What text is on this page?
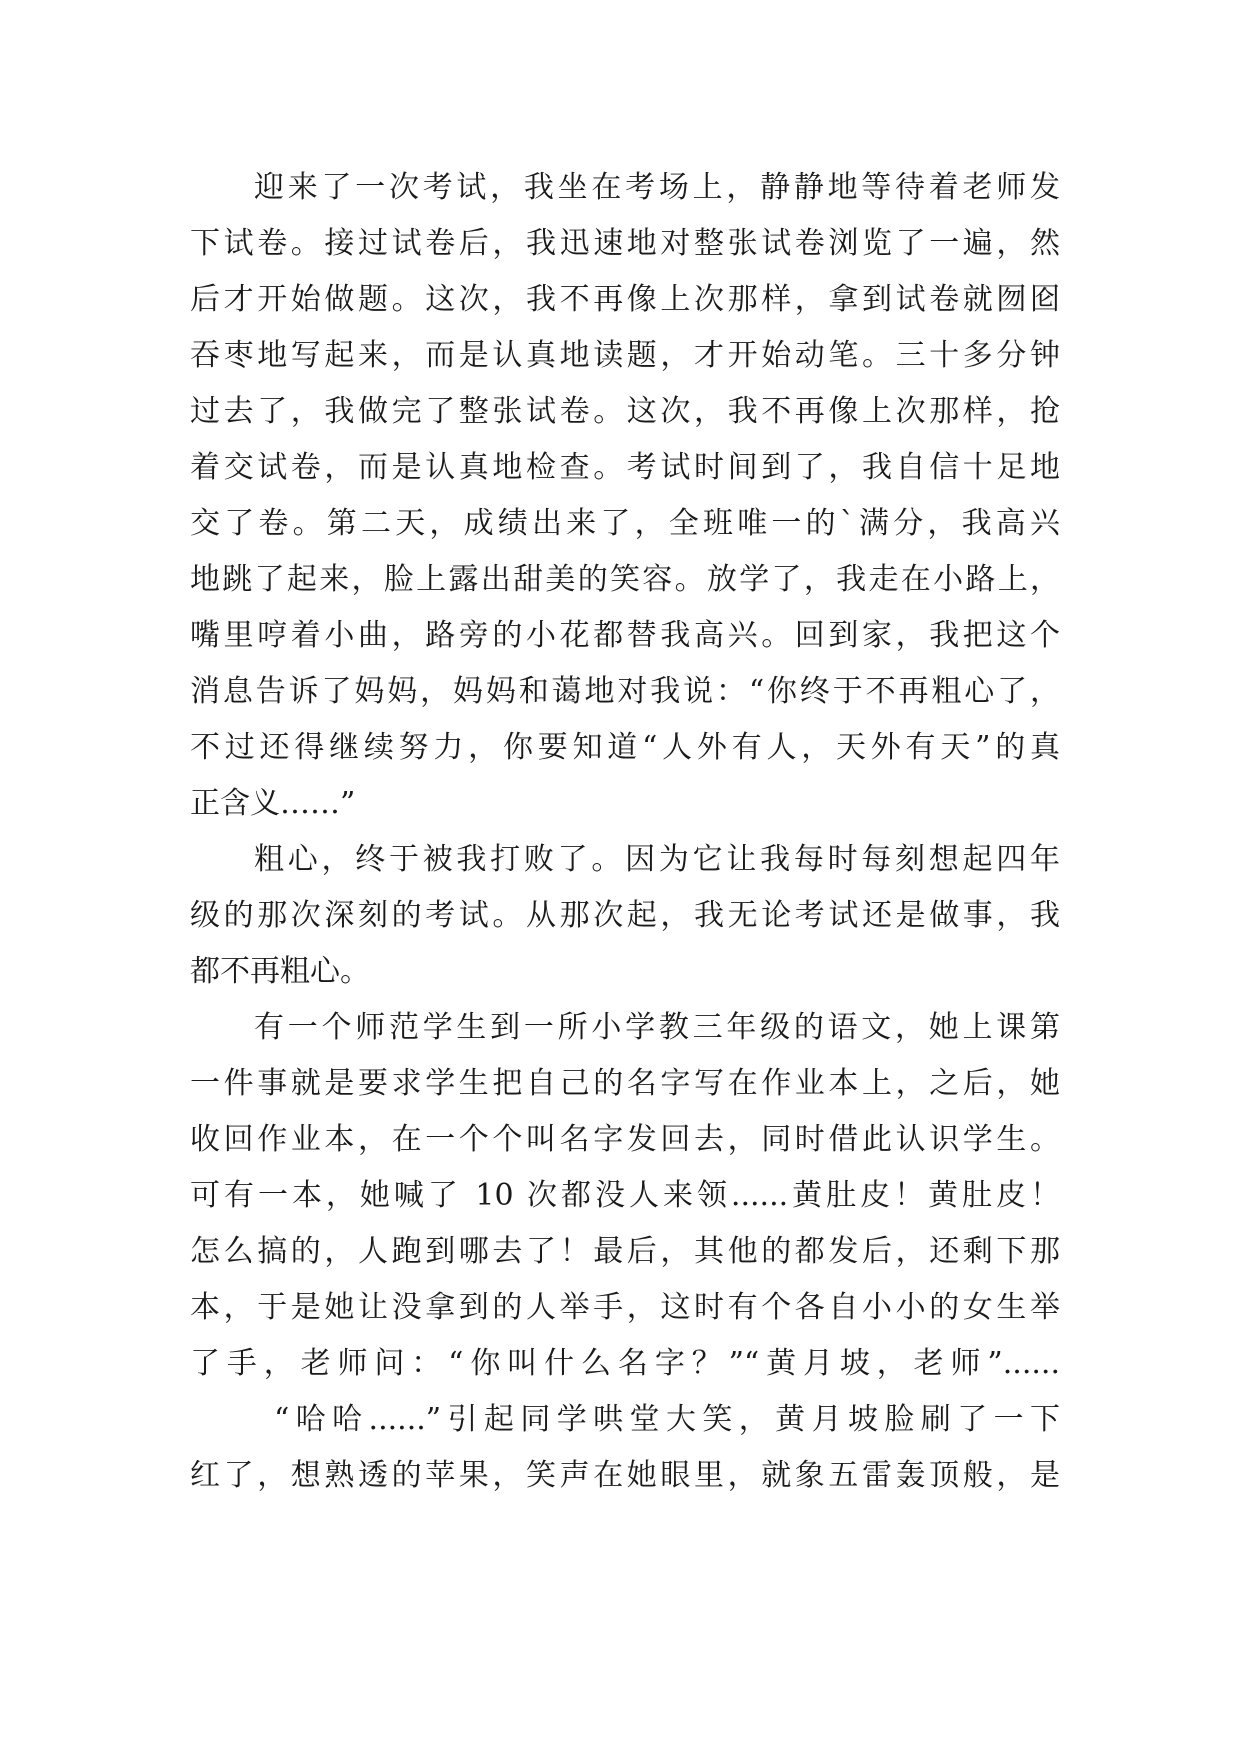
迎来了一次考试，我坐在考场上，静静地等待着老师发
下试卷。接过试卷后，我迅速地对整张试卷浏览了一遍，然
后才开始做题。这次，我不再像上次那样，拿到试卷就囫囵
吞枣地写起来，而是认真地读题，才开始动笔。三十多分钟
过去了，我做完了整张试卷。这次，我不再像上次那样，抢
着交试卷，而是认真地检查。考试时间到了，我自信十足地
交了卷。第二天，成绩出来了，全班唯一的`满分，我高兴
地跳了起来，脸上露出甜美的笑容。放学了，我走在小路上，
嘴里哼着小曲，路旁的小花都替我高兴。回到家，我把这个
消息告诉了妈妈，妈妈和蔼地对我说：“你终于不再粗心了，
不过还得继续努力，你要知道“人外有人，天外有天”的真
正含义……”
粗心，终于被我打败了。因为它让我每时每刻想起四年
级的那次深刻的考试。从那次起，我无论考试还是做事，我
都不再粗心。
有一个师范学生到一所小学教三年级的语文，她上课第
一件事就是要求学生把自己的名字写在作业本上，之后，她
收回作业本，在一个个叫名字发回去，同时借此认识学生。
可有一本，她喊了 10 次都没人来领......黄肚皮！黄肚皮！
怎么搞的，人跑到哪去了！最后，其他的都发后，还剩下那
本，于是她让没拿到的人举手，这时有个各自小小的女生举
了手，老师问：“你叫什么名字？”“黄月坡，老师”......
“哈哈......”引起同学哄堂大笑，黄月坡脸刷了一下
红了，想熟透的苹果，笑声在她眼里，就象五雷轰顶般，是
